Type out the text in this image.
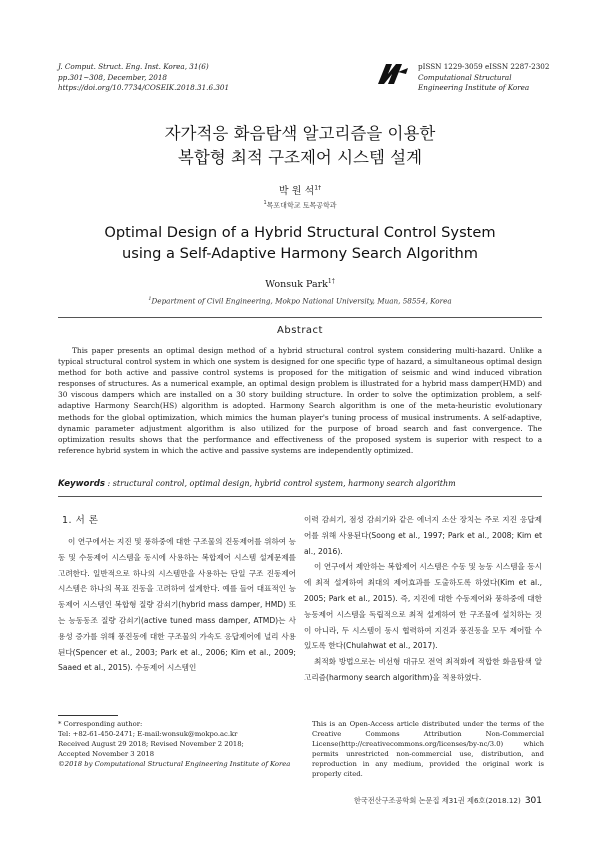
J. Comput. Struct. Eng. Inst. Korea, 31(6)
pp.301~308, December, 2018
https://doi.org/10.7734/COSEIK.2018.31.6.301
pISSN 1229-3059 eISSN 2287-2302
Computational Structural
Engineering Institute of Korea
자가적응 화음탐색 알고리즘을 이용한
복합형 최적 구조제어 시스템 설계
박 원 석$^{1\dagger}$
$^1$목포대학교 토목공학과
Optimal Design of a Hybrid Structural Control System
using a Self-Adaptive Harmony Search Algorithm
Wonsuk Park$^{1\dagger}$
$^1$Department of Civil Engineering, Mokpo National University, Muan, 58554, Korea
Abstract
This paper presents an optimal design method of a hybrid structural control system considering multi-hazard. Unlike a typical structural control system in which one system is designed for one specific type of hazard, a simultaneous optimal design method for both active and passive control systems is proposed for the mitigation of seismic and wind induced vibration responses of structures. As a numerical example, an optimal design problem is illustrated for a hybrid mass damper(HMD) and 30 viscous dampers which are installed on a 30 story building structure. In order to solve the optimization problem, a self-adaptive Harmony Search(HS) algorithm is adopted. Harmony Search algorithm is one of the meta-heuristic evolutionary methods for the global optimization, which mimics the human player's tuning process of musical instruments. A self-adaptive, dynamic parameter adjustment algorithm is also utilized for the purpose of broad search and fast convergence. The optimization results shows that the performance and effectiveness of the proposed system is superior with respect to a reference hybrid system in which the active and passive systems are independently optimized.
Keywords : structural control, optimal design, hybrid control system, harmony search algorithm
1. 서 론

이 연구에서는 지진 및 풍하중에 대한 구조물의 진동제어를 위하여 능동 및 수동제어 시스템을 동시에 사용하는 복합제어 시스템 설계문제를 고려한다. 일반적으로 하나의 시스템만을 사용하는 단일 구조 진동제어 시스템은 하나의 목표 진동을 고려하여 설계한다. 예를 들어 대표적인 능동제어 시스템인 복합형 질량 감쇠기(hybrid mass damper, HMD) 또는 능동동조 질량 감쇠기(active tuned mass damper, ATMD)는 사용성 증가를 위해 풍진동에 대한 구조물의 가속도 응답제어에 널리 사용된다(Spencer et al., 2003; Park et al., 2006; Kim et al., 2009; Saaed et al., 2015). 수동제어 시스템인

이력 감쇠기, 점성 감쇠기와 같은 에너지 소산 장치는 주로 지진 응답제어를 위해 사용된다(Soong et al., 1997; Park et al., 2008; Kim et al., 2016).

이 연구에서 제안하는 복합제어 시스템은 수동 및 능동 시스템을 동시에 최적 설계하여 최대의 제어효과를 도출하도록 하였다(Kim et al., 2005; Park et al., 2015). 즉, 지진에 대한 수동제어와 풍하중에 대한 능동제어 시스템을 독립적으로 최적 설계하여 한 구조물에 설치하는 것이 아니라, 두 시스템이 동시 협력하여 지진과 풍진동을 모두 제어할 수 있도록 한다(Chulahwat et al., 2017).

최적화 방법으로는 비선형 대규모 전역 최적화에 적합한 화음탐색 알고리즘(harmony search algorithm)을 적용하였다.

* Corresponding author:
Tel: +82-61-450-2471; E-mail:wonsuk@mokpo.ac.kr
Received August 29 2018; Revised November 2 2018;
Accepted November 3 2018
©2018 by Computational Structural Engineering Institute of Korea
This is an Open-Access article distributed under the terms of the Creative Commons Attribution Non-Commercial License(http://creativecommons.org/licenses/by-nc/3.0) which permits unrestricted non-commercial use, distribution, and reproduction in any medium, provided the original work is properly cited.
한국전산구조공학회 논문집 제31권 제6호(2018.12) 301
